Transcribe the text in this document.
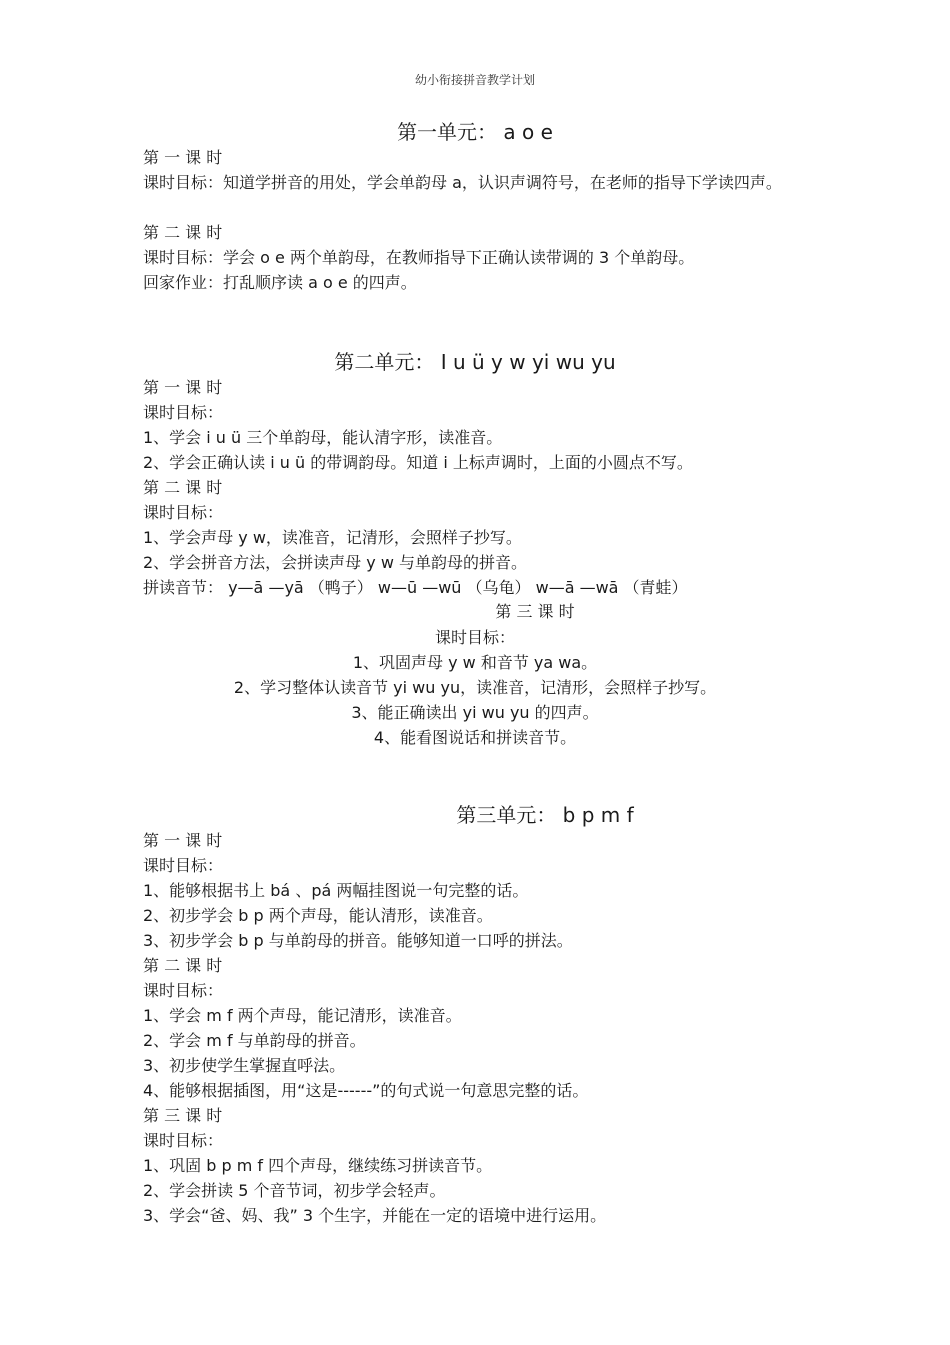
幼小衔接拼音教学计划
第一单元： a o e
第 一 课 时
课时目标：知道学拼音的用处，学会单韵母 a，认识声调符号，在老师的指导下学读四声。
第 二 课 时
课时目标：学会 o e 两个单韵母，在教师指导下正确认读带调的 3 个单韵母。
回家作业：打乱顺序读 a o e 的四声。
第二单元： I u ü y w yi wu yu
第 一 课 时
课时目标：
1、学会 i u ü 三个单韵母，能认清字形，读准音。
2、学会正确认读 i u ü 的带调韵母。知道 i 上标声调时，上面的小圆点不写。
第 二 课 时
课时目标：
1、学会声母 y w，读准音，记清形，会照样子抄写。
2、学会拼音方法，会拼读声母 y w 与单韵母的拼音。
拼读音节： y—ā —yā （鸭子） w—ū —wū （乌龟） w—ā —wā （青蛙）
第 三 课 时
课时目标：
1、巩固声母 y w 和音节 ya wa。
2、学习整体认读音节 yi wu yu，读准音，记清形，会照样子抄写。
3、能正确读出 yi wu yu 的四声。
4、能看图说话和拼读音节。
第三单元： b p m f
第 一 课 时
课时目标：
1、能够根据书上 bá 、pá 两幅挂图说一句完整的话。
2、初步学会 b p 两个声母，能认清形，读准音。
3、初步学会 b p 与单韵母的拼音。能够知道一口呼的拼法。
第 二 课 时
课时目标：
1、学会 m f 两个声母，能记清形，读准音。
2、学会 m f 与单韵母的拼音。
3、初步使学生掌握直呼法。
4、能够根据插图，用“这是------”的句式说一句意思完整的话。
第 三 课 时
课时目标：
1、巩固 b p m f 四个声母，继续练习拼读音节。
2、学会拼读 5 个音节词，初步学会轻声。
3、学会“爸、妈、我” 3 个生字，并能在一定的语境中进行运用。
